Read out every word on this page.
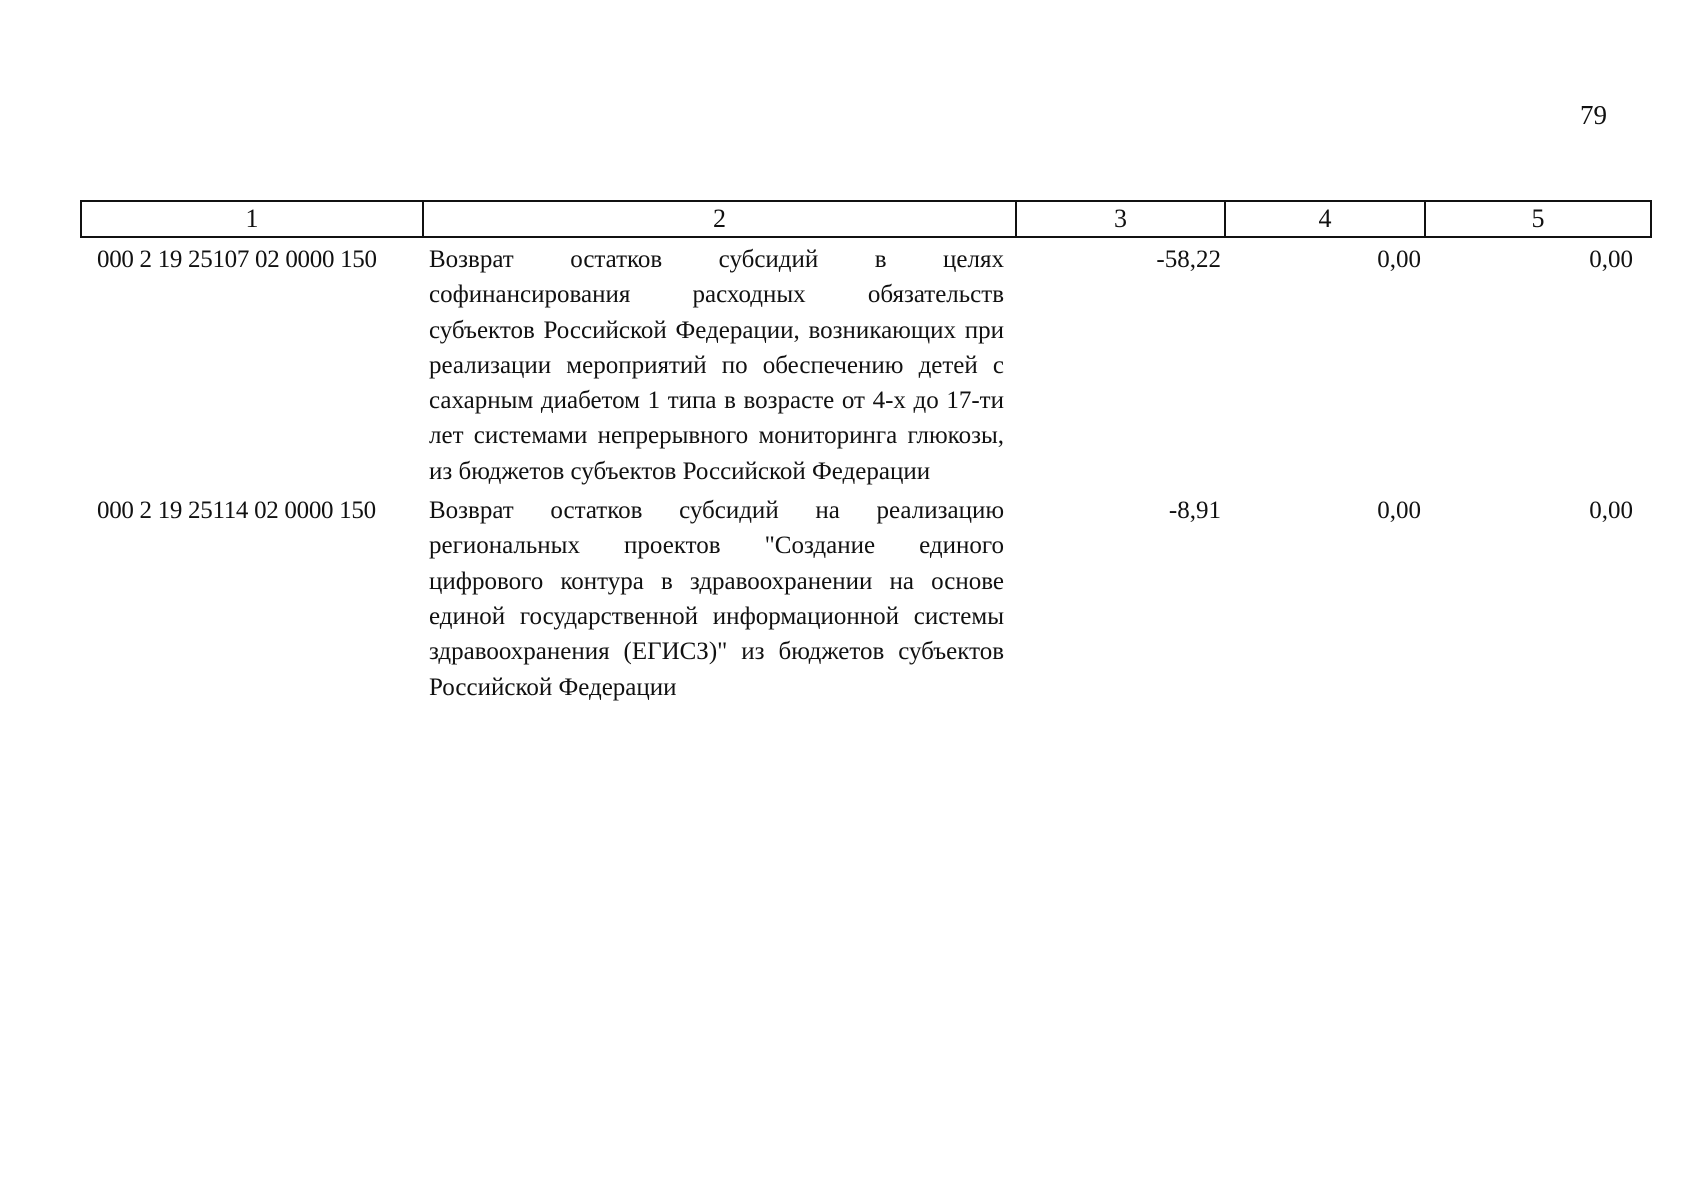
79
1	2	3	4	5
000 2 19 25107 02 0000 150	Возврат остатков субсидий в целях софинансирования расходных обязательств субъектов Российской Федерации, возникающих при реализации мероприятий по обеспечению детей с сахарным диабетом 1 типа в возрасте от 4-х до 17-ти лет системами непрерывного мониторинга глюкозы, из бюджетов субъектов Российской Федерации	-58,22	0,00	0,00
000 2 19 25114 02 0000 150	Возврат остатков субсидий на реализацию региональных проектов "Создание единого цифрового контура в здравоохранении на основе единой государственной информационной системы здравоохранения (ЕГИСЗ)" из бюджетов субъектов Российской Федерации	-8,91	0,00	0,00
